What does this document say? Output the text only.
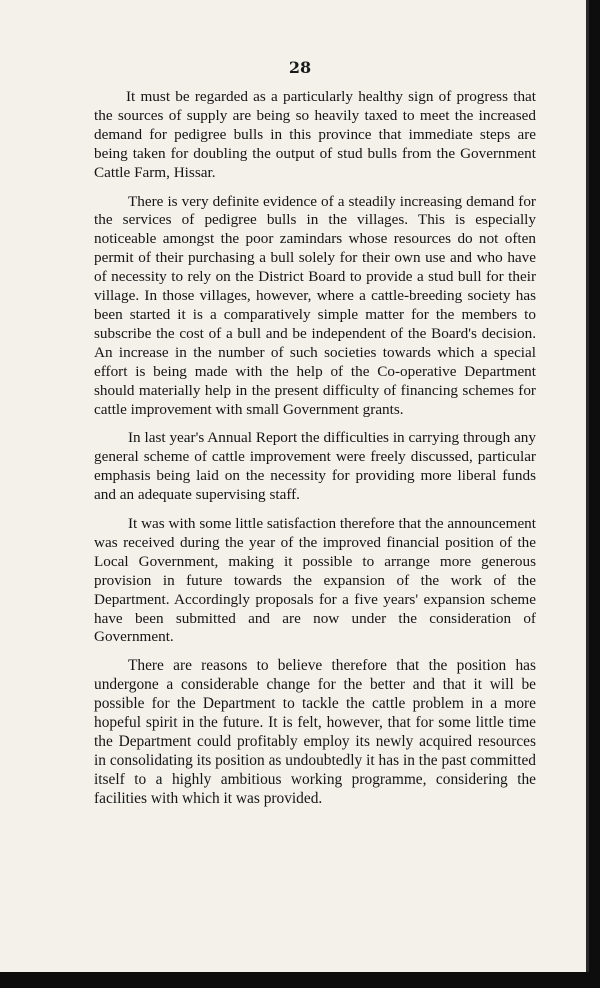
28

It must be regarded as a particularly healthy sign of progress that the sources of supply are being so heavily taxed to meet the increased demand for pedigree bulls in this province that immediate steps are being taken for doubling the output of stud bulls from the Government Cattle Farm, Hissar.

There is very definite evidence of a steadily increasing demand for the services of pedigree bulls in the villages. This is especially noticeable amongst the poor zamindars whose resources do not often permit of their purchasing a bull solely for their own use and who have of necessity to rely on the District Board to provide a stud bull for their village. In those villages, however, where a cattle-breeding society has been started it is a comparatively simple matter for the members to subscribe the cost of a bull and be independent of the Board's decision. An increase in the number of such societies towards which a special effort is being made with the help of the Co-operative Department should materially help in the present difficulty of financing schemes for cattle improvement with small Government grants.

In last year's Annual Report the difficulties in carrying through any general scheme of cattle improvement were freely discussed, particular emphasis being laid on the necessity for providing more liberal funds and an adequate supervising staff.

It was with some little satisfaction therefore that the announcement was received during the year of the improved financial position of the Local Government, making it possible to arrange more generous provision in future towards the expansion of the work of the Department. Accordingly proposals for a five years' expansion scheme have been submitted and are now under the consideration of Government.

There are reasons to believe therefore that the position has undergone a considerable change for the better and that it will be possible for the Department to tackle the cattle problem in a more hopeful spirit in the future. It is felt, however, that for some little time the Department could profitably employ its newly acquired resources in consolidating its position as undoubtedly it has in the past committed itself to a highly ambitious working programme, considering the facilities with which it was provided.
